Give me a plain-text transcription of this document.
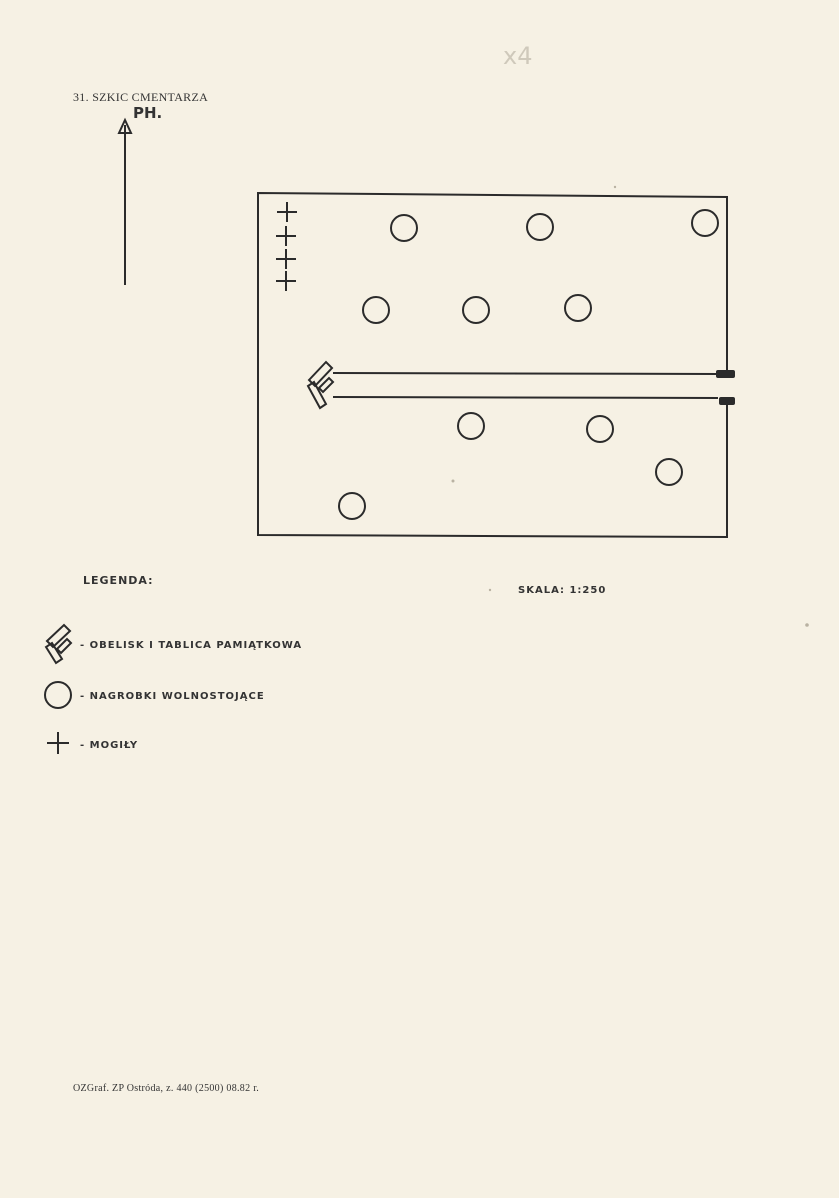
x4
31. SZKIC CMENTARZA
PH.
LEGENDA:
SKALA: 1:250
- OBELISK I TABLICA PAMIĄTKOWA
- NAGROBKI WOLNOSTOJĄCE
- MOGIŁY
OZGraf. ZP Ostróda, z. 440 (2500) 08.82 r.
